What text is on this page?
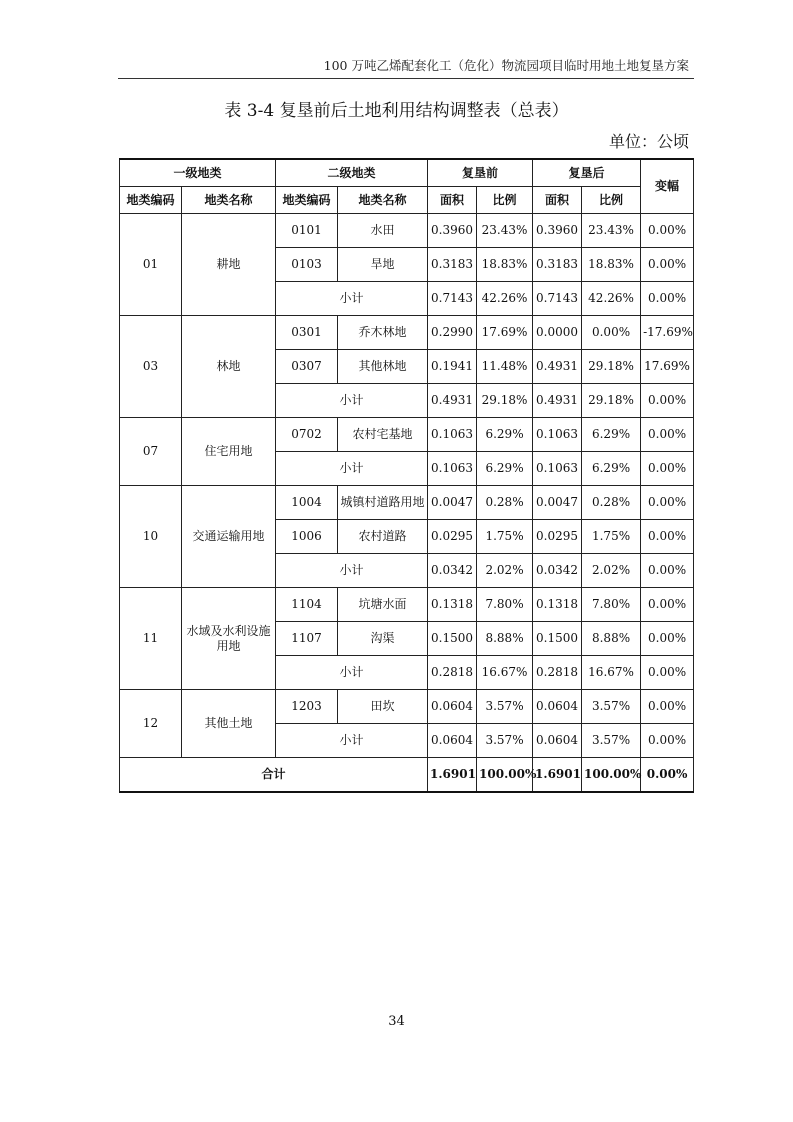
100 万吨乙烯配套化工（危化）物流园项目临时用地土地复垦方案
表 3-4 复垦前后土地利用结构调整表（总表）
单位：公顷
一级地类		二级地类		复垦前		复垦后		变幅
地类编码	地类名称	地类编码	地类名称	面积	比例	面积	比例	
01	耕地	0101	水田	0.3960	23.43%	0.3960	23.43%	0.00%
		0103	旱地	0.3183	18.83%	0.3183	18.83%	0.00%
		小计		0.7143	42.26%	0.7143	42.26%	0.00%
03	林地	0301	乔木林地	0.2990	17.69%	0.0000	0.00%	-17.69%
		0307	其他林地	0.1941	11.48%	0.4931	29.18%	17.69%
		小计		0.4931	29.18%	0.4931	29.18%	0.00%
07	住宅用地	0702	农村宅基地	0.1063	6.29%	0.1063	6.29%	0.00%
		小计		0.1063	6.29%	0.1063	6.29%	0.00%
10	交通运输用地	1004	城镇村道路用地	0.0047	0.28%	0.0047	0.28%	0.00%
		1006	农村道路	0.0295	1.75%	0.0295	1.75%	0.00%
		小计		0.0342	2.02%	0.0342	2.02%	0.00%
11	水域及水利设施用地	1104	坑塘水面	0.1318	7.80%	0.1318	7.80%	0.00%
		1107	沟渠	0.1500	8.88%	0.1500	8.88%	0.00%
		小计		0.2818	16.67%	0.2818	16.67%	0.00%
12	其他土地	1203	田坎	0.0604	3.57%	0.0604	3.57%	0.00%
		小计		0.0604	3.57%	0.0604	3.57%	0.00%
合计				1.6901	100.00%	1.6901	100.00%	0.00%
34
